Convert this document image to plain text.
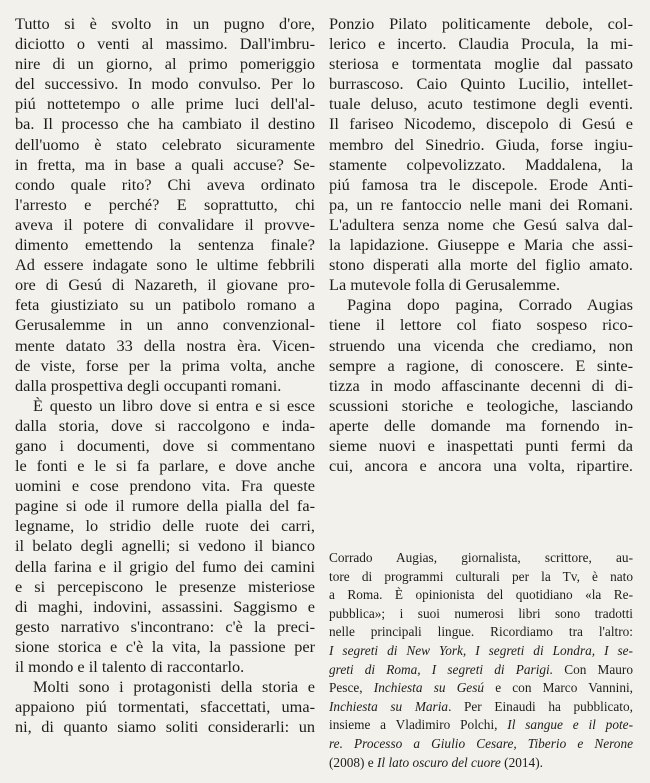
Tutto si è svolto in un pugno d'ore,
diciotto o venti al massimo. Dall'imbru-
nire di un giorno, al primo pomeriggio
del successivo. In modo convulso. Per lo
piú nottetempo o alle prime luci dell'al-
ba. Il processo che ha cambiato il destino
dell'uomo è stato celebrato sicuramente
in fretta, ma in base a quali accuse? Se-
condo quale rito? Chi aveva ordinato
l'arresto e perché? E soprattutto, chi
aveva il potere di convalidare il provve-
dimento emettendo la sentenza finale?
Ad essere indagate sono le ultime febbrili
ore di Gesú di Nazareth, il giovane pro-
feta giustiziato su un patibolo romano a
Gerusalemme in un anno convenzional-
mente datato 33 della nostra èra. Vicen-
de viste, forse per la prima volta, anche
dalla prospettiva degli occupanti romani.
È questo un libro dove si entra e si esce
dalla storia, dove si raccolgono e inda-
gano i documenti, dove si commentano
le fonti e le si fa parlare, e dove anche
uomini e cose prendono vita. Fra queste
pagine si ode il rumore della pialla del fa-
legname, lo stridio delle ruote dei carri,
il belato degli agnelli; si vedono il bianco
della farina e il grigio del fumo dei camini
e si percepiscono le presenze misteriose
di maghi, indovini, assassini. Saggismo e
gesto narrativo s'incontrano: c'è la preci-
sione storica e c'è la vita, la passione per
il mondo e il talento di raccontarlo.
Molti sono i protagonisti della storia e
appaiono piú tormentati, sfaccettati, uma-
ni, di quanto siamo soliti considerarli: un
Ponzio Pilato politicamente debole, col-
lerico e incerto. Claudia Procula, la mi-
steriosa e tormentata moglie dal passato
burrascoso. Caio Quinto Lucilio, intellet-
tuale deluso, acuto testimone degli eventi.
Il fariseo Nicodemo, discepolo di Gesú e
membro del Sinedrio. Giuda, forse ingiu-
stamente colpevolizzato. Maddalena, la
piú famosa tra le discepole. Erode Anti-
pa, un re fantoccio nelle mani dei Romani.
L'adultera senza nome che Gesú salva dal-
la lapidazione. Giuseppe e Maria che assi-
stono disperati alla morte del figlio amato.
La mutevole folla di Gerusalemme.
Pagina dopo pagina, Corrado Augias
tiene il lettore col fiato sospeso rico-
struendo una vicenda che crediamo, non
sempre a ragione, di conoscere. E sinte-
tizza in modo affascinante decenni di di-
scussioni storiche e teologiche, lasciando
aperte delle domande ma fornendo in-
sieme nuovi e inaspettati punti fermi da
cui, ancora e ancora una volta, ripartire.
Corrado Augias, giornalista, scrittore, au-
tore di programmi culturali per la Tv, è nato
a Roma. È opinionista del quotidiano «la Re-
pubblica»; i suoi numerosi libri sono tradotti
nelle principali lingue. Ricordiamo tra l'altro:
I segreti di New York, I segreti di Londra, I se-
greti di Roma, I segreti di Parigi. Con Mauro
Pesce, Inchiesta su Gesú e con Marco Vannini,
Inchiesta su Maria. Per Einaudi ha pubblicato,
insieme a Vladimiro Polchi, Il sangue e il pote-
re. Processo a Giulio Cesare, Tiberio e Nerone
(2008) e Il lato oscuro del cuore (2014).
